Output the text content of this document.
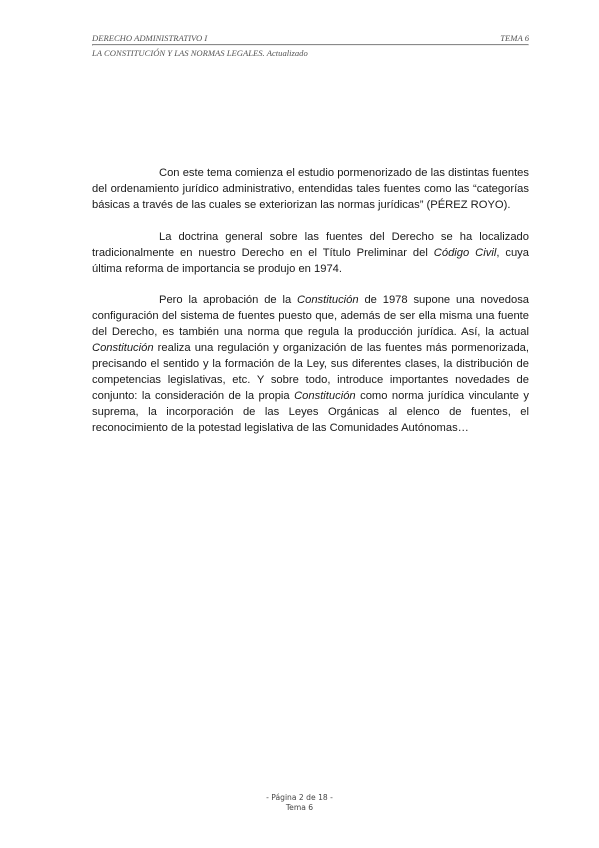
DERECHO ADMINISTRATIVO I	TEMA 6
LA CONSTITUCIÓN Y LAS NORMAS LEGALES. Actualizado

Con este tema comienza el estudio pormenorizado de las distintas fuentes del ordenamiento jurídico administrativo, entendidas tales fuentes como las “categorías básicas a través de las cuales se exteriorizan las normas jurídicas” (PÉREZ ROYO).

La doctrina general sobre las fuentes del Derecho se ha localizado tradicionalmente en nuestro Derecho en el Título Preliminar del Código Civil, cuya última reforma de importancia se produjo en 1974.

Pero la aprobación de la Constitución de 1978 supone una novedosa configuración del sistema de fuentes puesto que, además de ser ella misma una fuente del Derecho, es también una norma que regula la producción jurídica. Así, la actual Constitución realiza una regulación y organización de las fuentes más pormenorizada, precisando el sentido y la formación de la Ley, sus diferentes clases, la distribución de competencias legislativas, etc. Y sobre todo, introduce importantes novedades de conjunto: la consideración de la propia Constitución como norma jurídica vinculante y suprema, la incorporación de las Leyes Orgánicas al elenco de fuentes, el reconocimiento de la potestad legislativa de las Comunidades Autónomas…

- Página 2 de 18 -
Tema 6
